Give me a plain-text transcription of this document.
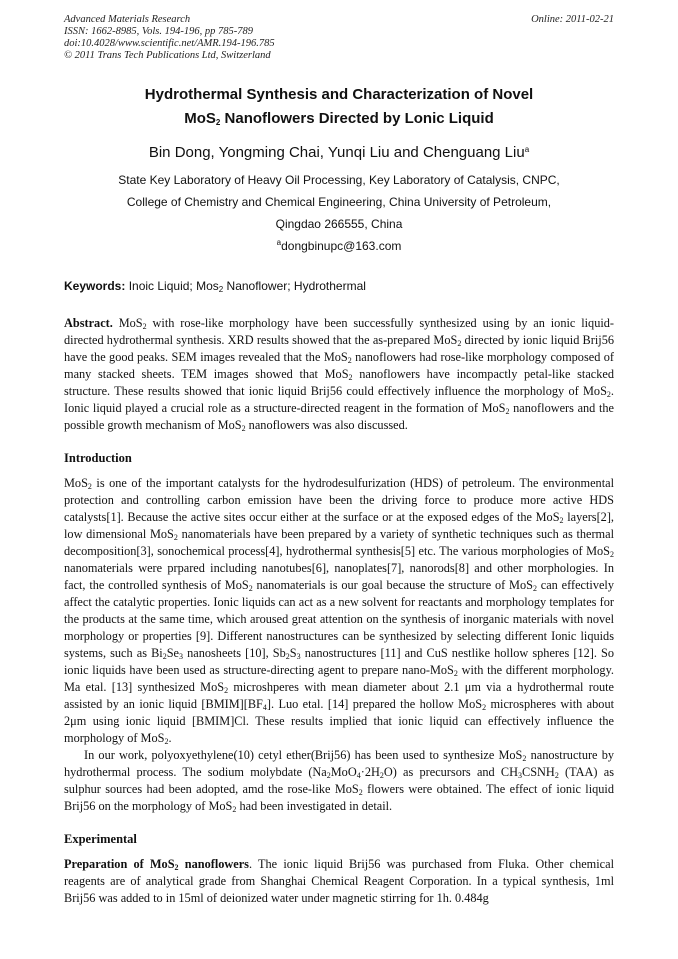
Advanced Materials Research
ISSN: 1662-8985, Vols. 194-196, pp 785-789
doi:10.4028/www.scientific.net/AMR.194-196.785
© 2011 Trans Tech Publications Ltd, Switzerland
Online: 2011-02-21
Hydrothermal Synthesis and Characterization of Novel
MoS$_2$ Nanoflowers Directed by Lonic Liquid
Bin Dong, Yongming Chai, Yunqi Liu and Chenguang Liu$^a$
State Key Laboratory of Heavy Oil Processing, Key Laboratory of Catalysis, CNPC,
College of Chemistry and Chemical Engineering, China University of Petroleum,
Qingdao 266555, China
$^a$dongbinupc@163.com
Keywords: Inoic Liquid; Mos$_2$ Nanoflower; Hydrothermal
Abstract. MoS$_2$ with rose-like morphology have been successfully synthesized using by an ionic liquid-directed hydrothermal synthesis. XRD results showed that the as-prepared MoS$_2$ directed by ionic liquid Brij56 have the good peaks. SEM images revealed that the MoS$_2$ nanoflowers had rose-like morphology composed of many stacked sheets. TEM images showed that MoS$_2$ nanoflowers have incompactly petal-like stacked structure. These results showed that ionic liquid Brij56 could effectively influence the morphology of MoS$_2$. Ionic liquid played a crucial role as a structure-directed reagent in the formation of MoS$_2$ nanoflowers and the possible growth mechanism of MoS$_2$ nanoflowers was also discussed.
Introduction
MoS$_2$ is one of the important catalysts for the hydrodesulfurization (HDS) of petroleum. The environmental protection and controlling carbon emission have been the driving force to produce more active HDS catalysts[1]. Because the active sites occur either at the surface or at the exposed edges of the MoS$_2$ layers[2], low dimensional MoS$_2$ nanomaterials have been prepared by a variety of synthetic techniques such as thermal decomposition[3], sonochemical process[4], hydrothermal synthesis[5] etc. The various morphologies of MoS$_2$ nanomaterials were prpared including nanotubes[6], nanoplates[7], nanorods[8] and other morphologies. In fact, the controlled synthesis of MoS$_2$ nanomaterials is our goal because the structure of MoS$_2$ can effectively affect the catalytic properties. Ionic liquids can act as a new solvent for reactants and morphology templates for the products at the same time, which aroused great attention on the synthesis of inorganic materials with novel morphology or properties [9]. Different nanostructures can be synthesized by selecting different Ionic liquids systems, such as $Bi_2Se_3$ nanosheets [10], $Sb_2S_3$ nanostructures [11] and CuS nestlike hollow spheres [12]. So ionic liquids have been used as structure-directing agent to prepare nano-MoS$_2$ with the different morphology. Ma etal. [13] synthesized MoS$_2$ microshperes with mean diameter about 2.1 μm via a hydrothermal route assisted by an ionic liquid $[BMIM][BF_4]$. Luo etal. [14] prepared the hollow MoS$_2$ microspheres with about 2μm using ionic liquid [BMIM]Cl. These results implied that ionic liquid can effectively influence the morphology of MoS$_2$.
In our work, polyoxyethylene(10) cetyl ether(Brij56) has been used to synthesize MoS$_2$ nanostructure by hydrothermal process. The sodium molybdate $(Na_2MoO_4\cdot 2H_2O)$ as precursors and $CH_3CSNH_2$ (TAA) as sulphur sources had been adopted, amd the rose-like MoS$_2$ flowers were obtained. The effect of ionic liquid Brij56 on the morphology of MoS$_2$ had been investigated in detail.
Experimental
Preparation of MoS$_2$ nanoflowers. The ionic liquid Brij56 was purchased from Fluka. Other chemical reagents are of analytical grade from Shanghai Chemical Reagent Corporation. In a typical synthesis, 1ml Brij56 was added to in 15ml of deionized water under magnetic stirring for 1h. 0.484g
